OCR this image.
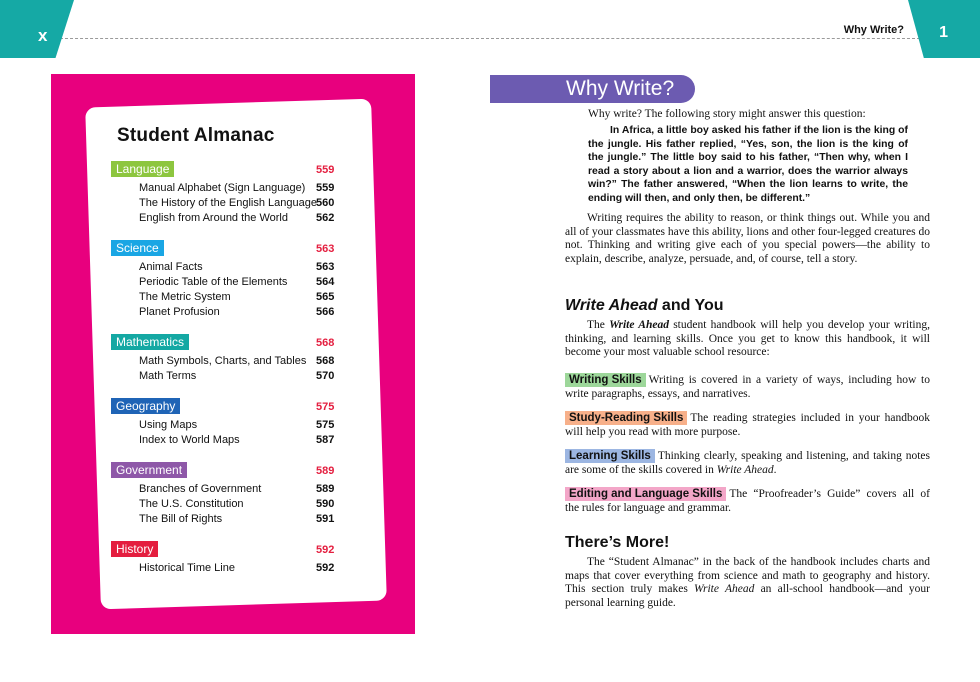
x	Why Write? 1
Student Almanac
Language	559
Manual Alphabet (Sign Language) 559
The History of the English Language 560
English from Around the World	562
Science	563
Animal Facts	563
Periodic Table of the Elements	564
The Metric System	565
Planet Profusion	566
Mathematics	568
Math Symbols, Charts, and Tables 568
Math Terms	570
Geography	575
Using Maps	575
Index to World Maps	587
Government	589
Branches of Government	589
The U.S. Constitution	590
The Bill of Rights	591
History	592
Historical Time Line	592
Why Write?
Why write? The following story might answer this question:
In Africa, a little boy asked his father if the lion is the king of the jungle. His father replied, “Yes, son, the lion is the king of the jungle.” The little boy said to his father, “Then why, when I read a story about a lion and a warrior, does the warrior always win?” The father answered, “When the lion learns to write, the ending will then, and only then, be different.”
Writing requires the ability to reason, or think things out. While you and all of your classmates have this ability, lions and other four-legged creatures do not. Thinking and writing give each of you special powers—the ability to explain, describe, analyze, persuade, and, of course, tell a story.
Write Ahead and You
The Write Ahead student handbook will help you develop your writing, thinking, and learning skills. Once you get to know this handbook, it will become your most valuable school resource:
Writing Skills Writing is covered in a variety of ways, including how to write paragraphs, essays, and narratives.
Study-Reading Skills The reading strategies included in your handbook will help you read with more purpose.
Learning Skills Thinking clearly, speaking and listening, and taking notes are some of the skills covered in Write Ahead.
Editing and Language Skills The “Proofreader’s Guide” covers all of the rules for language and grammar.
There’s More!
The “Student Almanac” in the back of the handbook includes charts and maps that cover everything from science and math to geography and history. This section truly makes Write Ahead an all-school handbook—and your personal learning guide.
